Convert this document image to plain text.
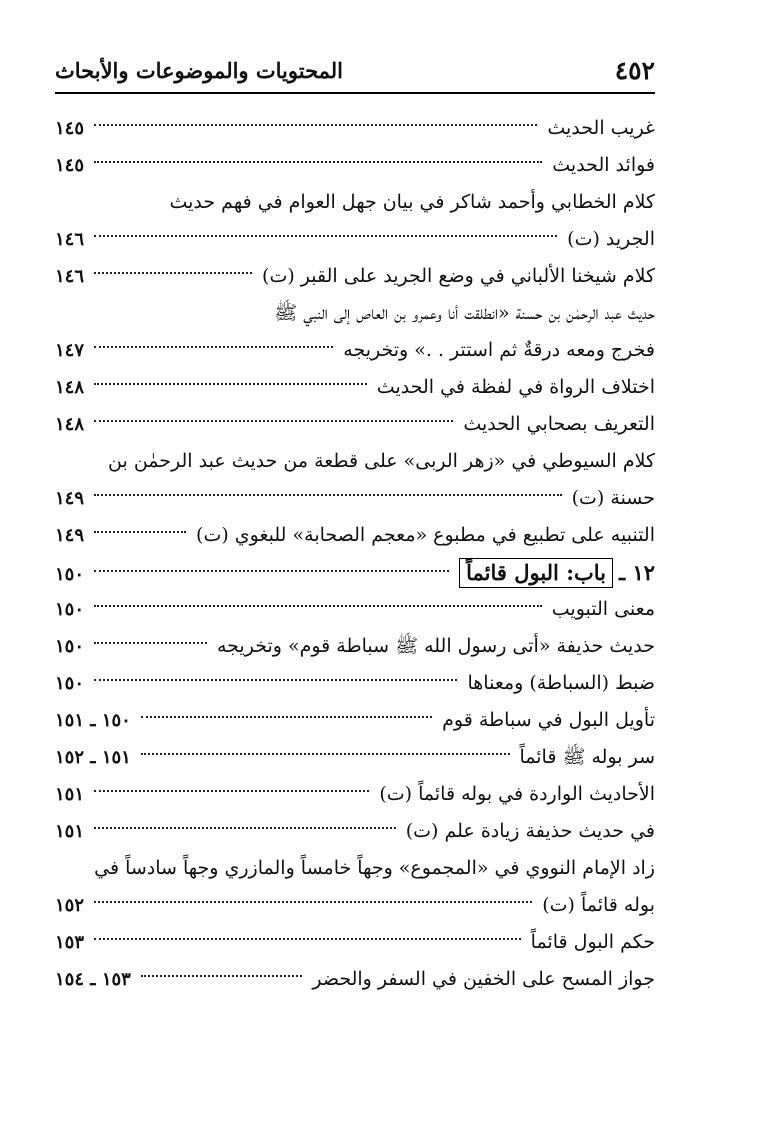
٤٥٢
المحتويات والموضوعات والأبحاث
غريب الحديث
١٤٥
فوائد الحديث
١٤٥
كلام الخطابي وأحمد شاكر في بيان جهل العوام في فهم حديث
الجريد (ت)
١٤٦
كلام شيخنا الألباني في وضع الجريد على القبر (ت)
١٤٦
حديث عبد الرحمٰن بن حسنة «انطلقت أنا وعمرو بن العاص إلى النبي ﷺ
فخرج ومعه درقةٌ ثم استتر . .» وتخريجه
١٤٧
اختلاف الرواة في لفظة في الحديث
١٤٨
التعريف بصحابي الحديث
١٤٨
كلام السيوطي في «زهر الربى» على قطعة من حديث عبد الرحمٰن بن
حسنة (ت)
١٤٩
التنبيه على تطبيع في مطبوع «معجم الصحابة» للبغوي (ت)
١٤٩
١٢ ـ
باب: البول قائماً
١٥٠
معنى التبويب
١٥٠
حديث حذيفة «أتى رسول الله ﷺ سباطة قوم» وتخريجه
١٥٠
ضبط (السباطة) ومعناها
١٥٠
تأويل البول في سباطة قوم
١٥٠ ـ ١٥١
سر بوله ﷺ قائماً
١٥١ ـ ١٥٢
الأحاديث الواردة في بوله قائماً (ت)
١٥١
في حديث حذيفة زيادة علم (ت)
١٥١
زاد الإمام النووي في «المجموع» وجهاً خامساً والمازري وجهاً سادساً في
بوله قائماً (ت)
١٥٢
حكم البول قائماً
١٥٣
جواز المسح على الخفين في السفر والحضر
١٥٣ ـ ١٥٤
